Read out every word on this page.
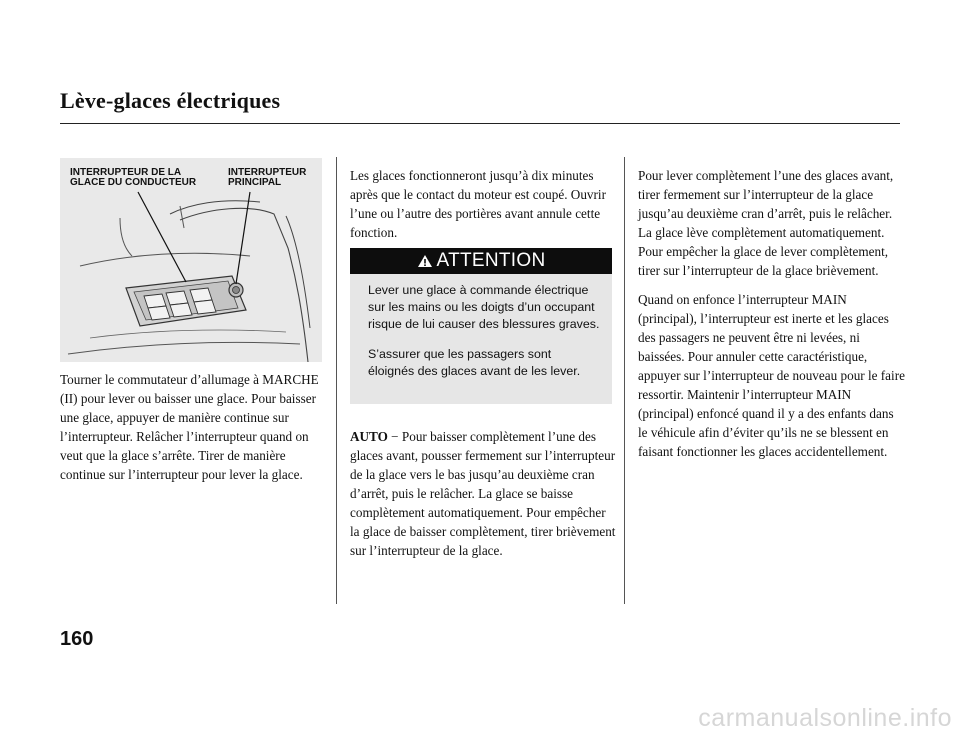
Lève-glaces électriques
INTERRUPTEUR DE LA
GLACE DU CONDUCTEUR
INTERRUPTEUR
PRINCIPAL

Tourner le commutateur d’allumage à MARCHE (II) pour lever ou baisser une glace. Pour baisser une glace, appuyer de manière continue sur l’interrupteur. Relâcher l’interrupteur quand on veut que la glace s’arrête. Tirer de manière continue sur l’interrupteur pour lever la glace.

Les glaces fonctionneront jusqu’à dix minutes après que le contact du moteur est coupé. Ouvrir l’une ou l’autre des portières avant annule cette fonction.

ATTENTION

Lever une glace à commande électrique sur les mains ou les doigts d’un occupant risque de lui causer des blessures graves.

S’assurer que les passagers sont éloignés des glaces avant de les lever.

AUTO − Pour baisser complètement l’une des glaces avant, pousser fermement sur l’interrupteur de la glace vers le bas jusqu’au deuxième cran d’arrêt, puis le relâcher. La glace se baisse complètement automatiquement. Pour empêcher la glace de baisser complètement, tirer brièvement sur l’interrupteur de la glace.

Pour lever complètement l’une des glaces avant, tirer fermement sur l’interrupteur de la glace jusqu’au deuxième cran d’arrêt, puis le relâcher. La glace lève complètement automatiquement. Pour empêcher la glace de lever complètement, tirer sur l’interrupteur de la glace brièvement.

Quand on enfonce l’interrupteur MAIN (principal), l’interrupteur est inerte et les glaces des passagers ne peuvent être ni levées, ni baissées. Pour annuler cette caractéristique, appuyer sur l’interrupteur de nouveau pour le faire ressortir. Maintenir l’interrupteur MAIN (principal) enfoncé quand il y a des enfants dans le véhicule afin d’éviter qu’ils ne se blessent en faisant fonctionner les glaces accidentellement.

160
carmanualsonline.info
